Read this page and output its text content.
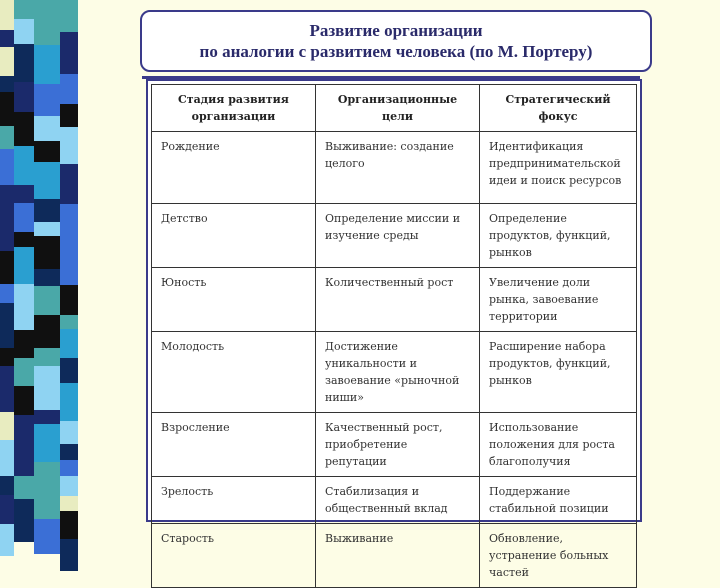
Развитие организации
по аналогии с развитием человека (по М. Портеру)
Стадия развития организации	Организационные цели	Стратегический фокус
Рождение	Выживание: создание целого	Идентификация предпринимательской идеи и поиск ресурсов
Детство	Определение миссии и изучение среды	Определение продуктов, функций, рынков
Юность	Количественный рост	Увеличение доли рынка, завоевание территории
Молодость	Достижение уникальности и завоевание «рыночной ниши»	Расширение набора продуктов, функций, рынков
Взросление	Качественный рост, приобретение репутации	Использование положения для роста благополучия
Зрелость	Стабилизация и общественный вклад	Поддержание стабильной позиции
Старость	Выживание	Обновление, устранение больных частей
